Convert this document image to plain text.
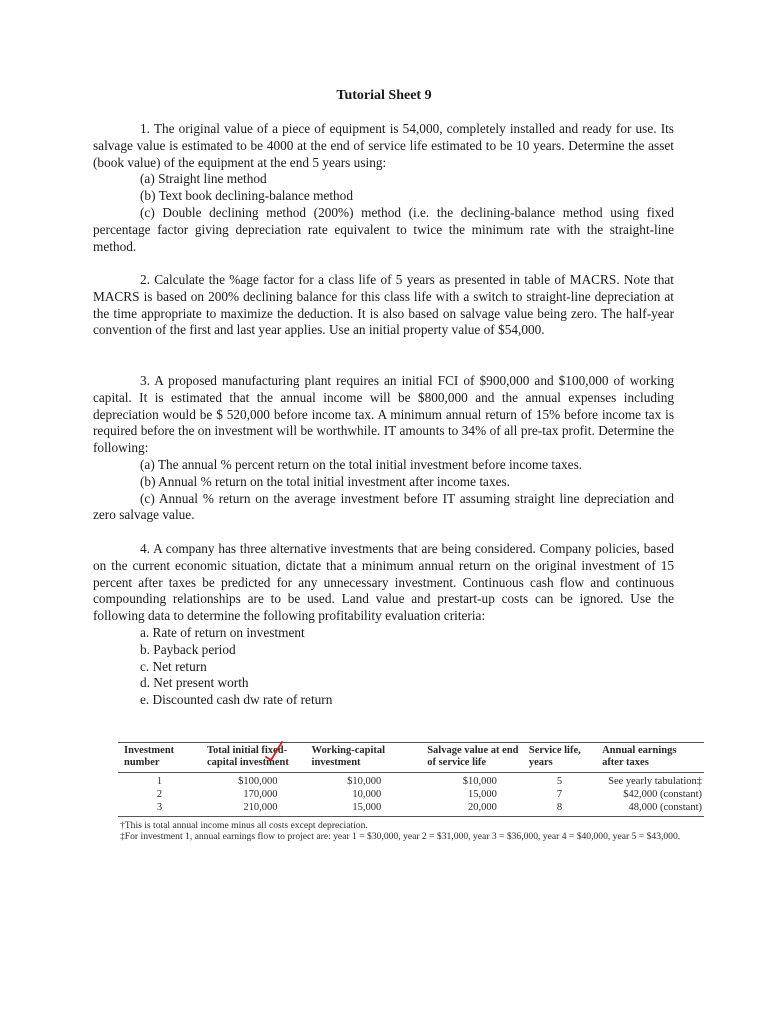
Tutorial Sheet 9

1. The original value of a piece of equipment is 54,000, completely installed and ready for use. Its salvage value is estimated to be 4000 at the end of service life estimated to be 10 years. Determine the asset (book value) of the equipment at the end 5 years using:

(a) Straight line method

(b) Text book declining-balance method

(c) Double declining method (200%) method (i.e. the declining-balance method using fixed percentage factor giving depreciation rate equivalent to twice the minimum rate with the straight-line method.

2. Calculate the %age factor for a class life of 5 years as presented in table of MACRS. Note that MACRS is based on 200% declining balance for this class life with a switch to straight-line depreciation at the time appropriate to maximize the deduction. It is also based on salvage value being zero. The half-year convention of the first and last year applies. Use an initial property value of $54,000.

3. A proposed manufacturing plant requires an initial FCI of $900,000 and $100,000 of working capital. It is estimated that the annual income will be $800,000 and the annual expenses including depreciation would be $ 520,000 before income tax. A minimum annual return of 15% before income tax is required before the on investment will be worthwhile. IT amounts to 34% of all pre-tax profit. Determine the following:

(a) The annual % percent return on the total initial investment before income taxes.

(b) Annual % return on the total initial investment after income taxes.

(c) Annual % return on the average investment before IT assuming straight line depreciation and zero salvage value.

4. A company has three alternative investments that are being considered. Company policies, based on the current economic situation, dictate that a minimum annual return on the original investment of 15 percent after taxes be predicted for any unnecessary investment. Continuous cash flow and continuous compounding relationships are to be used. Land value and prestart-up costs can be ignored. Use the following data to determine the following profitability evaluation criteria:

a. Rate of return on investment

b. Payback period

c. Net return

d. Net present worth

e. Discounted cash dw rate of return

Investment number	Total initial fixed-capital investment	Working-capital investment	Salvage value at end of service life	Service life, years	Annual earnings after taxes
1	$100,000	$10,000	$10,000	5	See yearly tabulation‡
2	170,000	10,000	15,000	7	$42,000 (constant)
3	210,000	15,000	20,000	8	48,000 (constant)
†This is total annual income minus all costs except depreciation.
‡For investment 1, annual earnings flow to project are: year 1 = $30,000, year 2 = $31,000, year 3 = $36,000, year 4 = $40,000, year 5 = $43,000.
